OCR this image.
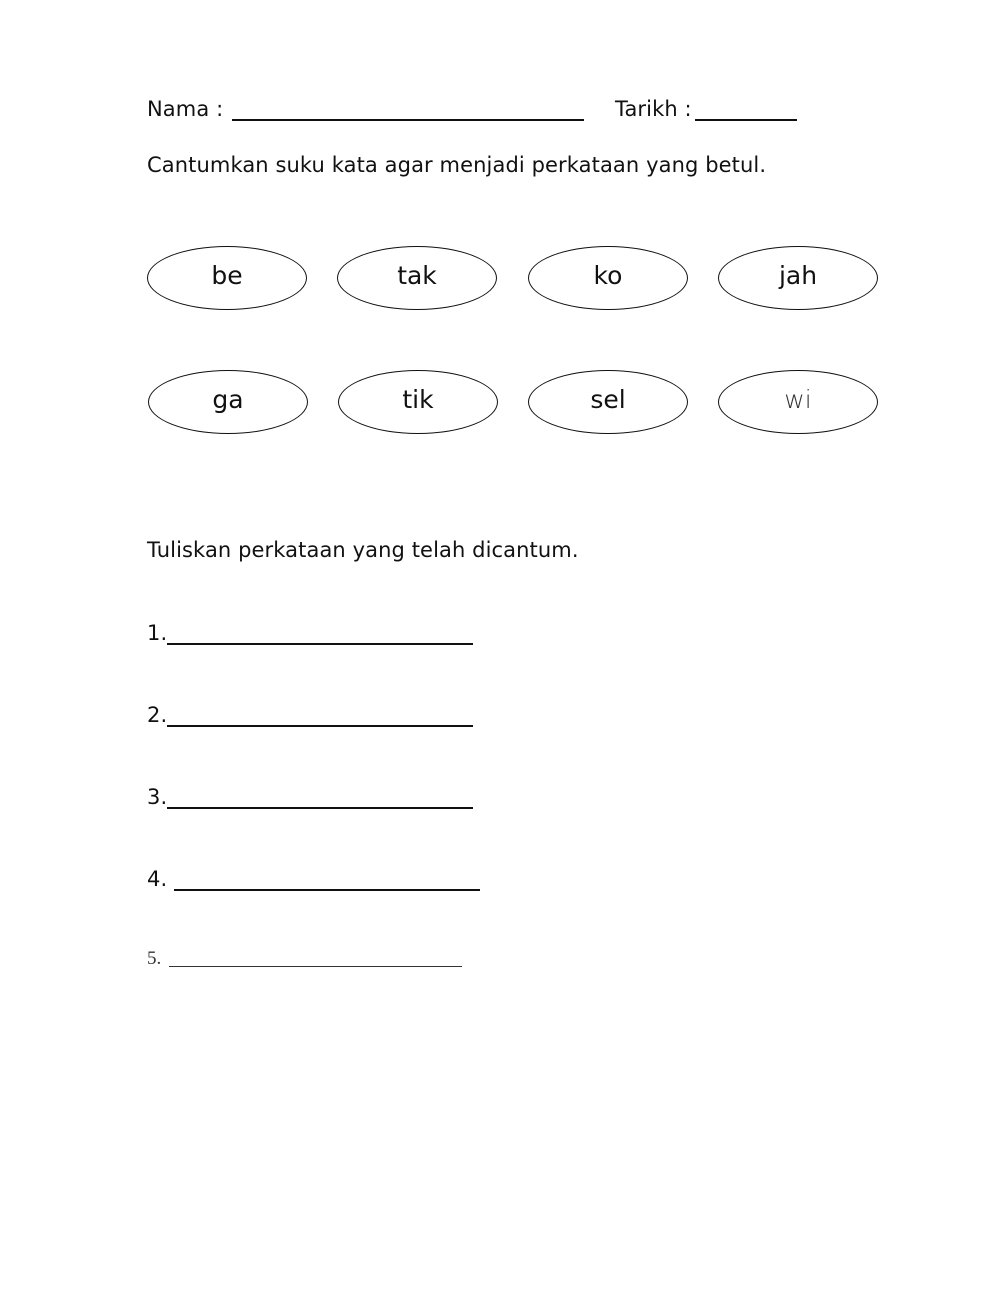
Nama :	Tarikh :
Cantumkan suku kata agar menjadi perkataan yang betul.
be	tak	ko	jah
ga	tik	sel	wi
Tuliskan perkataan yang telah dicantum.
1.
2.
3.
4.
5.
